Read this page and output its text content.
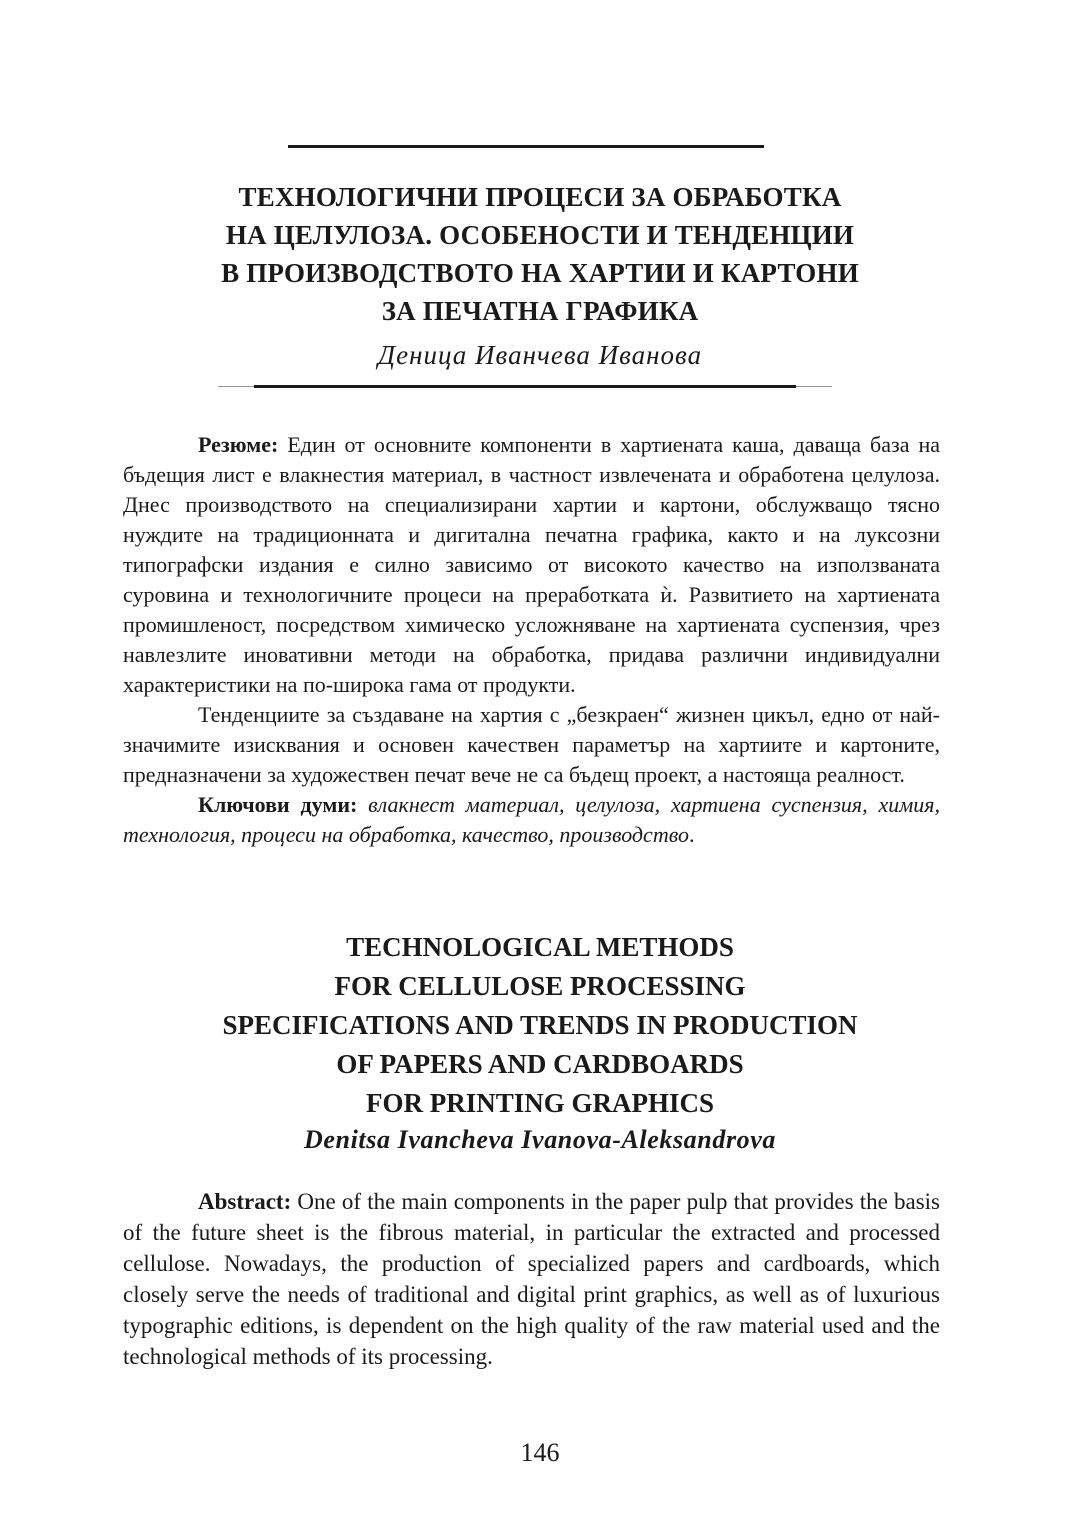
ТЕХНОЛОГИЧНИ ПРОЦЕСИ ЗА ОБРАБОТКА
НА ЦЕЛУЛОЗА. ОСОБЕНОСТИ И ТЕНДЕНЦИИ
В ПРОИЗВОДСТВОТО НА ХАРТИИ И КАРТОНИ
ЗА ПЕЧАТНА ГРАФИКА
Деница Иванчева Иванова

Резюме: Един от основните компоненти в хартиената каша, даваща база на бъдещия лист е влакнестия материал, в частност извлечената и обработена целулоза. Днес производството на специализирани хартии и картони, обслужващо тясно нуждите на традиционната и дигитална печатна графика, както и на луксозни типографски издания е силно зависимо от високото качество на използваната суровина и технологичните процеси на преработката ѝ. Развитието на хартиената промишленост, посредством химическо усложняване на хартиената суспензия, чрез навлезлите иновативни методи на обработка, придава различни индивидуални характеристики на по-широка гама от продукти.

Тенденциите за създаване на хартия с „безкраен“ жизнен цикъл, едно от най-значимите изисквания и основен качествен параметър на хартиите и картоните, предназначени за художествен печат вече не са бъдещ проект, а настояща реалност.

Ключови думи: влакнест материал, целулоза, хартиена суспензия, химия, технология, процеси на обработка, качество, производство.

TECHNOLOGICAL METHODS
FOR CELLULOSE PROCESSING
SPECIFICATIONS AND TRENDS IN PRODUCTION
OF PAPERS AND CARDBOARDS
FOR PRINTING GRAPHICS
Denitsa Ivancheva Ivanova-Aleksandrova

Abstract: One of the main components in the paper pulp that provides the basis of the future sheet is the fibrous material, in particular the extracted and processed cellulose. Nowadays, the production of specialized papers and cardboards, which closely serve the needs of traditional and digital print graphics, as well as of luxurious typographic editions, is dependent on the high quality of the raw material used and the technological methods of its processing.

146
